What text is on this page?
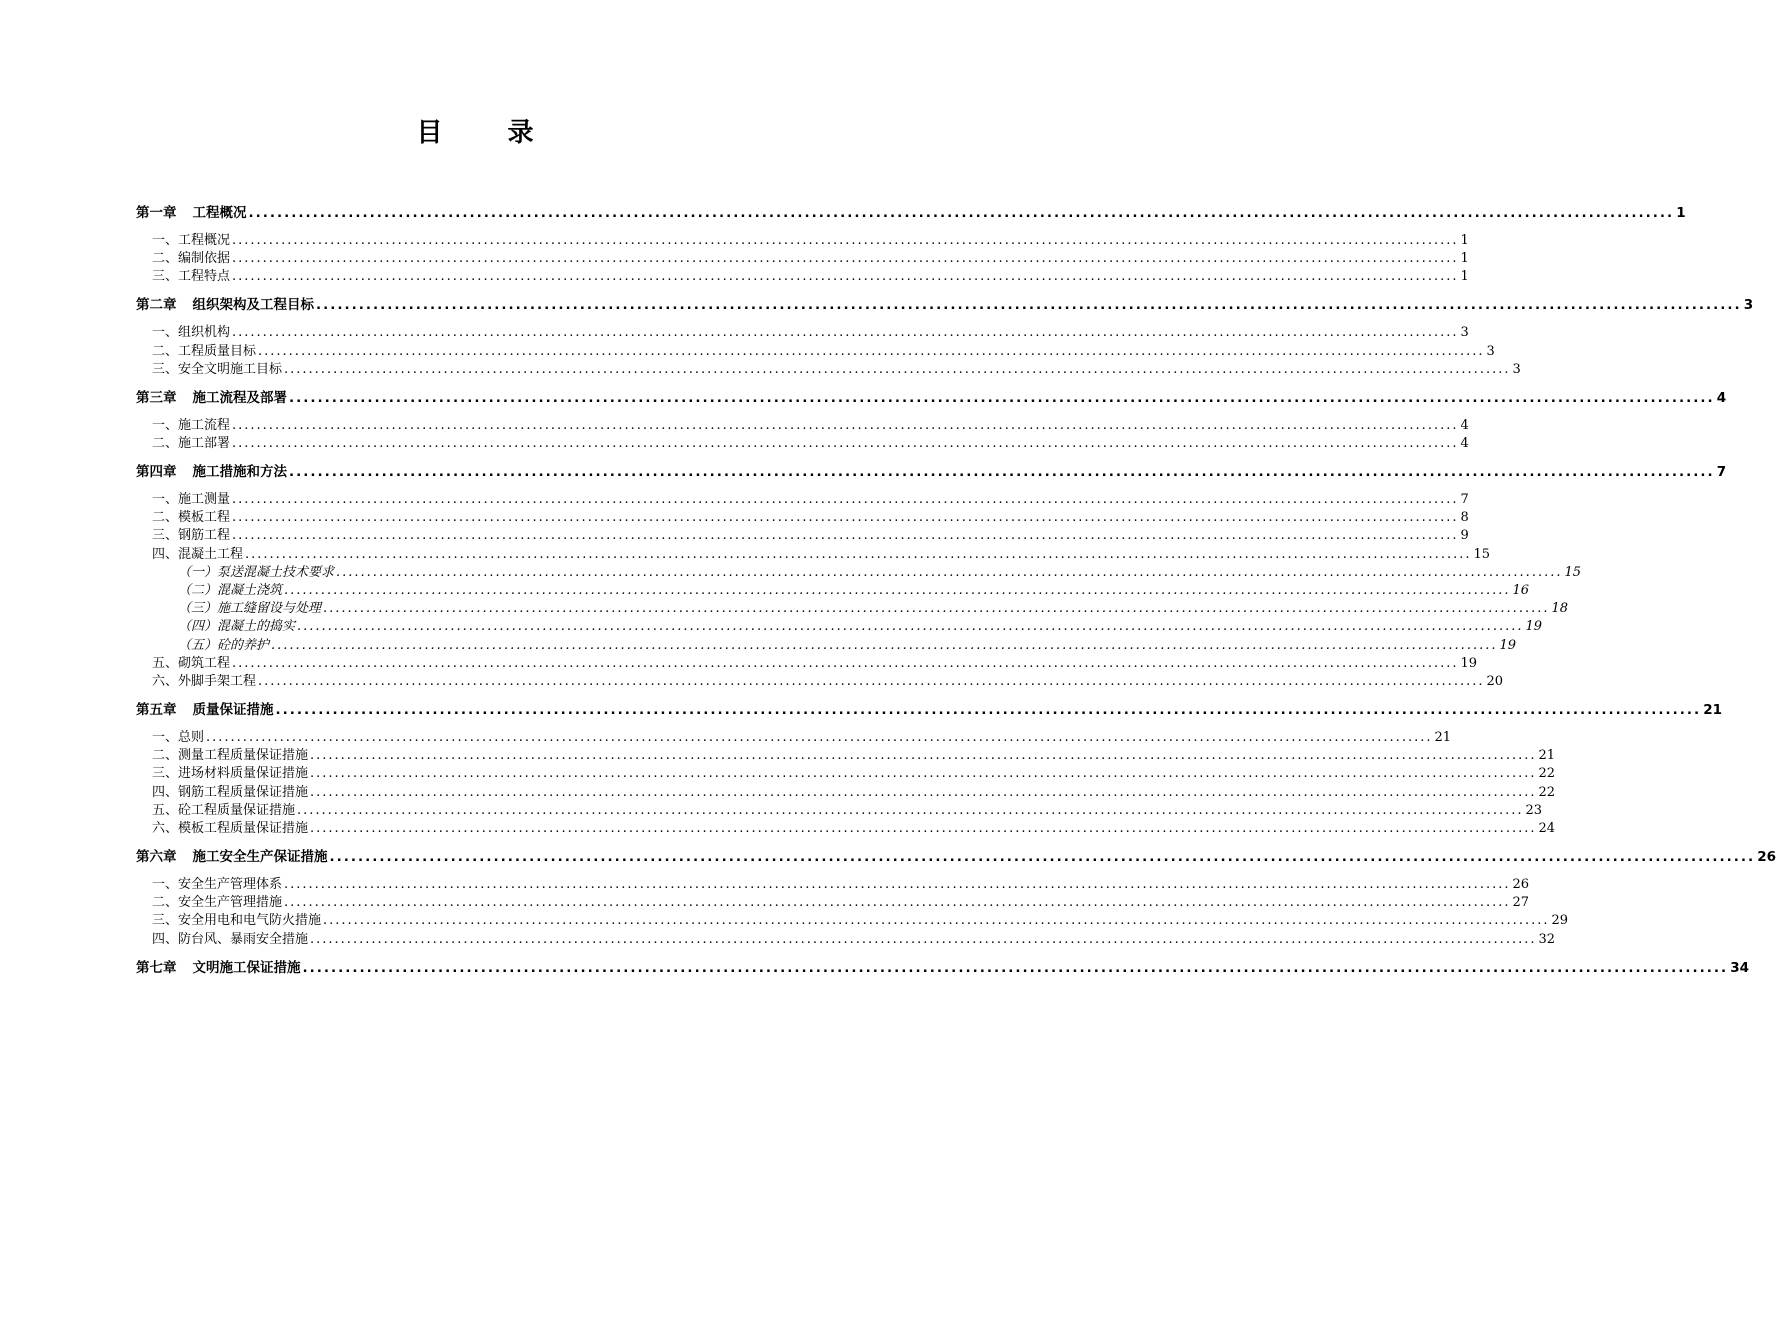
目 录
第一章 工程概况 ........................................................................................................................................................................................................ 1
一、工程概况 ........................................................................................................................................................................................................ 1
二、编制依据 ........................................................................................................................................................................................................ 1
三、工程特点 ........................................................................................................................................................................................................ 1
第二章 组织架构及工程目标 ........................................................................................................................................................................................................ 3
一、组织机构 ........................................................................................................................................................................................................ 3
二、工程质量目标 ........................................................................................................................................................................................................ 3
三、安全文明施工目标 ........................................................................................................................................................................................................ 3
第三章 施工流程及部署 ........................................................................................................................................................................................................ 4
一、施工流程 ........................................................................................................................................................................................................ 4
二、施工部署 ........................................................................................................................................................................................................ 4
第四章 施工措施和方法 ........................................................................................................................................................................................................ 7
一、施工测量 ........................................................................................................................................................................................................ 7
二、模板工程 ........................................................................................................................................................................................................ 8
三、钢筋工程 ........................................................................................................................................................................................................ 9
四、混凝土工程 ........................................................................................................................................................................................................ 15
（一）泵送混凝土技术要求 ........................................................................................................................................................................................................ 15
（二）混凝土浇筑 ........................................................................................................................................................................................................ 16
（三）施工缝留设与处理 ........................................................................................................................................................................................................ 18
（四）混凝土的捣实 ........................................................................................................................................................................................................ 19
（五）砼的养护 ........................................................................................................................................................................................................ 19
五、砌筑工程 ........................................................................................................................................................................................................ 19
六、外脚手架工程 ........................................................................................................................................................................................................ 20
第五章 质量保证措施 ........................................................................................................................................................................................................ 21
一、总则 ........................................................................................................................................................................................................ 21
二、测量工程质量保证措施 ........................................................................................................................................................................................................ 21
三、进场材料质量保证措施 ........................................................................................................................................................................................................ 22
四、钢筋工程质量保证措施 ........................................................................................................................................................................................................ 22
五、砼工程质量保证措施 ........................................................................................................................................................................................................ 23
六、模板工程质量保证措施 ........................................................................................................................................................................................................ 24
第六章 施工安全生产保证措施 ........................................................................................................................................................................................................ 26
一、安全生产管理体系 ........................................................................................................................................................................................................ 26
二、安全生产管理措施 ........................................................................................................................................................................................................ 27
三、安全用电和电气防火措施 ........................................................................................................................................................................................................ 29
四、防台风、暴雨安全措施 ........................................................................................................................................................................................................ 32
第七章 文明施工保证措施 ........................................................................................................................................................................................................ 34
